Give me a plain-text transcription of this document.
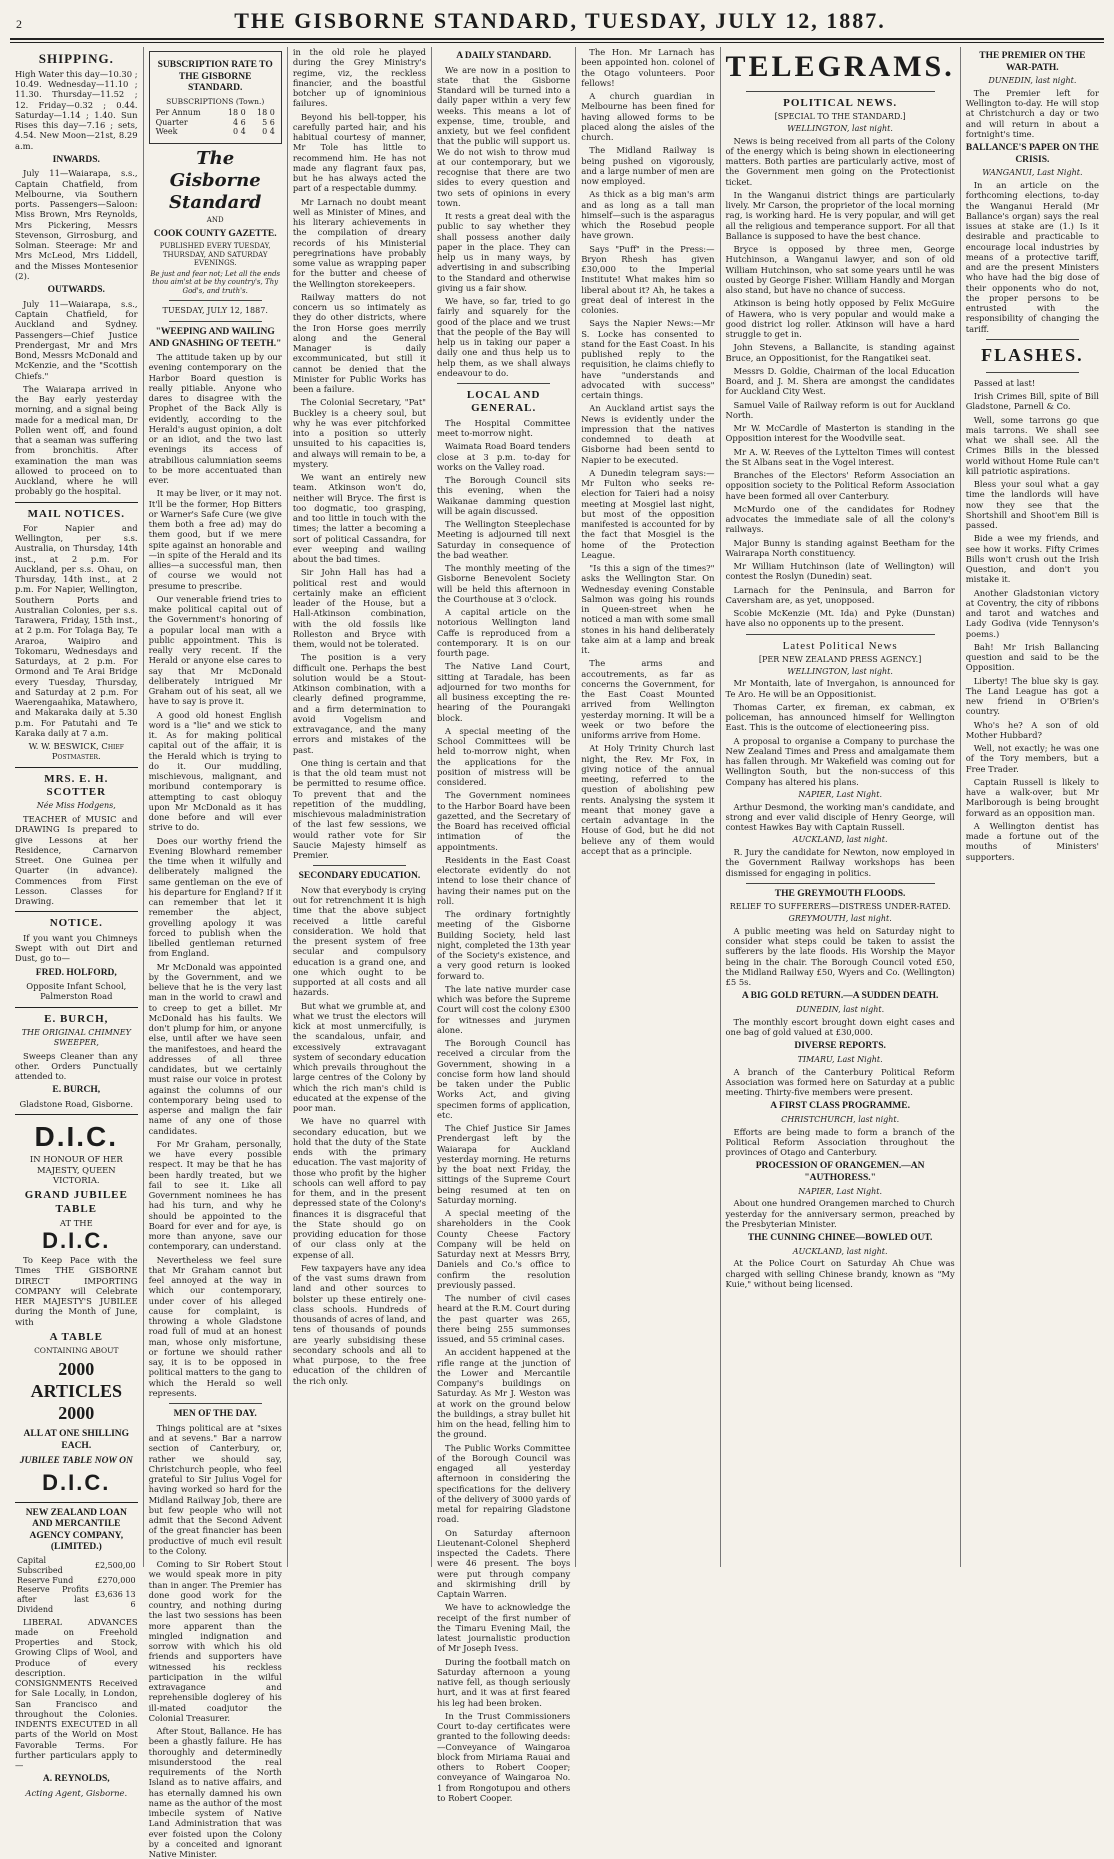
2	THE GISBORNE STANDARD, TUESDAY, JULY 12, 1887.
SHIPPING.

High Water this day—10.30 ; 10.49. Wednesday—11.10 ; 11.30. Thursday—11.52 ; 12. Friday—0.32 ; 0.44. Saturday—1.14 ; 1.40. Sun Rises this day—7.16 ; sets, 4.54. New Moon—21st, 8.29 a.m.

INWARDS.

July 11—Waiarapa, s.s., Captain Chatfield, from Melbourne, via Southern ports. Passengers—Saloon: Miss Brown, Mrs Reynolds, Mrs Pickering, Messrs Stevenson, Girrosburg, and Solman. Steerage: Mr and Mrs McLeod, Mrs Liddell, and the Misses Montesenior (2).

OUTWARDS.

July 11—Waiarapa, s.s., Captain Chatfield, for Auckland and Sydney. Passengers—Chief Justice Prendergast, Mr and Mrs Bond, Messrs McDonald and McKenzie, and the "Scottish Chiefs."

The Waiarapa arrived in the Bay early yesterday morning, and a signal being made for a medical man, Dr Pollen went off, and found that a seaman was suffering from bronchitis. After examination the man was allowed to proceed on to Auckland, where he will probably go the hospital.

MAIL NOTICES.

For Napier and Wellington, per s.s. Australia, on Thursday, 14th inst., at 2 p.m. For Auckland, per s.s. Ohau, on Thursday, 14th inst., at 2 p.m. For Napier, Wellington, Southern Ports and Australian Colonies, per s.s. Tarawera, Friday, 15th inst., at 2 p.m. For Tolaga Bay, Te Araroa, Waipiro and Tokomaru, Wednesdays and Saturdays, at 2 p.m. For Ormond and Te Arai Bridge every Tuesday, Thursday, and Saturday at 2 p.m. For Waerengaahika, Matawhero, and Makaraka daily at 5.30 p.m. For Patutahi and Te Karaka daily at 7 a.m.

W. W. BESWICK, Chief Postmaster.

MRS. E. H. SCOTTER
Née Miss Hodgens,

TEACHER of MUSIC and DRAWING Is prepared to give Lessons at her Residence, Carnarvon Street. One Guinea per Quarter (in advance). Commences from First Lesson. Classes for Drawing.

NOTICE.

If you want you Chimneys Swept with out Dirt and Dust, go to—

FRED. HOLFORD,

Opposite Infant School, Palmerston Road

E. BURCH,
THE ORIGINAL CHIMNEY SWEEPER,

Sweeps Cleaner than any other. Orders Punctually attended to.

E. BURCH,

Gladstone Road, Gisborne.

D.I.C.

IN HONOUR OF HER MAJESTY, QUEEN VICTORIA.

GRAND JUBILEE TABLE
AT THE
D.I.C.

To Keep Pace with the Times THE GISBORNE DIRECT IMPORTING COMPANY will Celebrate HER MAJESTY'S JUBILEE during the Month of June, with

A TABLE
CONTAINING ABOUT
2000 ARTICLES 2000
ALL AT ONE SHILLING EACH.
JUBILEE TABLE NOW ON
D.I.C.
NEW ZEALAND LOAN AND MERCANTILE AGENCY COMPANY, (LIMITED.)
Capital Subscribed	£2,500,00
Reserve Fund	£270,000
Reserve Profits after last Dividend	£3,636 13 6

LIBERAL ADVANCES made on Freehold Properties and Stock, Growing Clips of Wool, and Produce of every description. CONSIGNMENTS Received for Sale Locally, in London, San Francisco and throughout the Colonies. INDENTS EXECUTED in all parts of the World on Most Favorable Terms. For further particulars apply to—

A. REYNOLDS,

Acting Agent, Gisborne.

SUBSCRIPTION RATE TO THE GISBORNE STANDARD.
SUBSCRIPTIONS (Town.)
Per Annum	18 0	18 0
Quarter	4 6	5 6
Week	0 4	0 4
The Gisborne Standard
AND
COOK COUNTY GAZETTE.
PUBLISHED EVERY TUESDAY, THURSDAY, AND SATURDAY EVENINGS.
Be just and fear not; Let all the ends thou aim'st at be thy country's, Thy God's, and truth's.
TUESDAY, JULY 12, 1887.
"WEEPING AND WAILING AND GNASHING OF TEETH."

The attitude taken up by our evening contemporary on the Harbor Board question is really pitiable. Anyone who dares to disagree with the Prophet of the Back Ally is evidently, according to the Herald's august opinion, a dolt or an idiot, and the two last evenings its access of atrabilious calumniation seems to be more accentuated than ever.

It may be liver, or it may not. It'll be the former, Hop Bitters or Warner's Safe Cure (we give them both a free ad) may do them good, but if we mere spite against an honorable and—in spite of the Herald and its allies—a successful man, then of course we would not presume to prescribe.

Our venerable friend tries to make political capital out of the Government's honoring of a popular local man with a public appointment. This is really very recent. If the Herald or anyone else cares to say that Mr McDonald deliberately intrigued Mr Graham out of his seat, all we have to say is prove it.

A good old honest English word is a "lie" and we stick to it. As for making political capital out of the affair, it is the Herald which is trying to do it. Our muddling, mischievous, malignant, and moribund contemporary is attempting to cast obloquy upon Mr McDonald as it has done before and will ever strive to do.

Does our worthy friend the Evening Blowhard remember the time when it wilfully and deliberately maligned the same gentleman on the eve of his departure for England? If it can remember that let it remember the abject, grovelling apology it was forced to publish when the libelled gentleman returned from England.

Mr McDonald was appointed by the Government, and we believe that he is the very last man in the world to crawl and to creep to get a billet. Mr McDonald has his faults. We don't plump for him, or anyone else, until after we have seen the manifestoes, and heard the addresses of all three candidates, but we certainly must raise our voice in protest against the columns of our contemporary being used to asperse and malign the fair name of any one of those candidates.

For Mr Graham, personally, we have every possible respect. It may be that he has been hardly treated, but we fail to see it. Like all Government nominees he has had his turn, and why he should be appointed to the Board for ever and for aye, is more than anyone, save our contemporary, can understand.

Nevertheless we feel sure that Mr Graham cannot but feel annoyed at the way in which our contemporary, under cover of his alleged cause for complaint, is throwing a whole Gladstone road full of mud at an honest man, whose only misfortune, or fortune we should rather say, it is to be opposed in political matters to the gang to which the Herald so well represents.

MEN OF THE DAY.

Things political are at "sixes and at sevens." Bar a narrow section of Canterbury, or, rather we should say, Christchurch people, who feel grateful to Sir Julius Vogel for having worked so hard for the Midland Railway Job, there are but few people who will not admit that the Second Advent of the great financier has been productive of much evil result to the Colony.

Coming to Sir Robert Stout we would speak more in pity than in anger. The Premier has done good work for the country, and nothing during the last two sessions has been more apparent than the mingled indignation and sorrow with which his old friends and supporters have witnessed his reckless participation in the wilful extravagance and reprehensible doglerey of his ill-mated coadjutor the Colonial Treasurer.

After Stout, Ballance. He has been a ghastly failure. He has thoroughly and determinedly misunderstood the real requirements of the North Island as to native affairs, and has eternally damned his own name as the author of the most imbecile system of Native Land Administration that was ever foisted upon the Colony by a conceited and ignorant Native Minister.

in the old role he played during the Grey Ministry's regime, viz, the reckless financier, and the boastful botcher up of ignominious failures.

Beyond his bell-topper, his carefully parted hair, and his habitual courtesy of manner, Mr Tole has little to recommend him. He has not made any flagrant faux pas, but he has always acted the part of a respectable dummy.

Mr Larnach no doubt meant well as Minister of Mines, and his literary achievements in the compilation of dreary records of his Ministerial peregrinations have probably some value as wrapping paper for the butter and cheese of the Wellington storekeepers.

Railway matters do not concern us so intimately as they do other districts, where the Iron Horse goes merrily along and the General Manager is daily excommunicated, but still it cannot be denied that the Minister for Public Works has been a failure.

The Colonial Secretary, "Pat" Buckley is a cheery soul, but why he was ever pitchforked into a position so utterly unsuited to his capacities is, and always will remain to be, a mystery.

We want an entirely new team. Atkinson won't do, neither will Bryce. The first is too dogmatic, too grasping, and too little in touch with the times; the latter a becoming a sort of political Cassandra, for ever weeping and wailing about the bad times.

Sir John Hall has had a political rest and would certainly make an efficient leader of the House, but a Hall-Atkinson combination, with the old fossils like Rolleston and Bryce with them, would not be tolerated.

The position is a very difficult one. Perhaps the best solution would be a Stout-Atkinson combination, with a clearly defined programme, and a firm determination to avoid Vogelism and extravagance, and the many errors and mistakes of the past.

One thing is certain and that is that the old team must not be permitted to resume office. To prevent that and the repetition of the muddling, mischievous maladministration of the last few sessions, we would rather vote for Sir Saucie Majesty himself as Premier.

SECONDARY EDUCATION.

Now that everybody is crying out for retrenchment it is high time that the above subject received a little careful consideration. We hold that the present system of free secular and compulsory education is a grand one, and one which ought to be supported at all costs and all hazards.

But what we grumble at, and what we trust the electors will kick at most unmercifully, is the scandalous, unfair, and excessively extravagant system of secondary education which prevails throughout the large centres of the Colony by which the rich man's child is educated at the expense of the poor man.

We have no quarrel with secondary education, but we hold that the duty of the State ends with the primary education. The vast majority of those who profit by the higher schools can well afford to pay for them, and in the present depressed state of the Colony's finances it is disgraceful that the State should go on providing education for those of our class only at the expense of all.

Few taxpayers have any idea of the vast sums drawn from land and other sources to bolster up these entirely one-class schools. Hundreds of thousands of acres of land, and tens of thousands of pounds are yearly subsidising these secondary schools and all to what purpose, to the free education of the children of the rich only.

A DAILY STANDARD.

We are now in a position to state that the Gisborne Standard will be turned into a daily paper within a very few weeks. This means a lot of expense, time, trouble, and anxiety, but we feel confident that the public will support us. We do not wish to throw mud at our contemporary, but we recognise that there are two sides to every question and two sets of opinions in every town.

It rests a great deal with the public to say whether they shall possess another daily paper in the place. They can help us in many ways, by advertising in and subscribing to the Standard and otherwise giving us a fair show.

We have, so far, tried to go fairly and squarely for the good of the place and we trust that the people of the Bay will help us in taking our paper a daily one and thus help us to help them, as we shall always endeavour to do.

LOCAL AND GENERAL.

The Hospital Committee meet to-morrow night.

Waimata Road Board tenders close at 3 p.m. to-day for works on the Valley road.

The Borough Council sits this evening, when the Waikanae damming question will be again discussed.

The Wellington Steeplechase Meeting is adjourned till next Saturday in consequence of the bad weather.

The monthly meeting of the Gisborne Benevolent Society will be held this afternoon in the Courthouse at 3 o'clock.

A capital article on the notorious Wellington land Caffe is reproduced from a contemporary. It is on our fourth page.

The Native Land Court, sitting at Taradale, has been adjourned for two months for all business excepting the re-hearing of the Pourangaki block.

A special meeting of the School Committees will be held to-morrow night, when the applications for the position of mistress will be considered.

The Government nominees to the Harbor Board have been gazetted, and the Secretary of the Board has received official intimation of the appointments.

Residents in the East Coast electorate evidently do not intend to lose their chance of having their names put on the roll.

The ordinary fortnightly meeting of the Gisborne Building Society, held last night, completed the 13th year of the Society's existence, and a very good return is looked forward to.

The late native murder case which was before the Supreme Court will cost the colony £300 for witnesses and jurymen alone.

The Borough Council has received a circular from the Government, showing in a concise form how land should be taken under the Public Works Act, and giving specimen forms of application, etc.

The Chief Justice Sir James Prendergast left by the Waiarapa for Auckland yesterday morning. He returns by the boat next Friday, the sittings of the Supreme Court being resumed at ten on Saturday morning.

A special meeting of the shareholders in the Cook County Cheese Factory Company will be held on Saturday next at Messrs Brry, Daniels and Co.'s office to confirm the resolution previously passed.

The number of civil cases heard at the R.M. Court during the past quarter was 265, there being 255 summonses issued, and 55 criminal cases.

An accident happened at the rifle range at the junction of the Lower and Mercantile Company's buildings on Saturday. As Mr J. Weston was at work on the ground below the buildings, a stray bullet hit him on the head, felling him to the ground.

The Public Works Committee of the Borough Council was engaged all yesterday afternoon in considering the specifications for the delivery of the delivery of 3000 yards of metal for repairing Gladstone road.

On Saturday afternoon Lieutenant-Colonel Shepherd inspected the Cadets. There were 46 present. The boys were put through company and skirmishing drill by Captain Warren.

We have to acknowledge the receipt of the first number of the Timaru Evening Mail, the latest journalistic production of Mr Joseph Ivess.

During the football match on Saturday afternoon a young native fell, as though seriously hurt, and it was at first feared his leg had been broken.

In the Trust Commissioners Court to-day certificates were granted to the following deeds:—Conveyance of Waingaroa block from Miriama Rauai and others to Robert Cooper; conveyance of Waingaroa No. 1 from Rongotupou and others to Robert Cooper.

The Hon. Mr Larnach has been appointed hon. colonel of the Otago volunteers. Poor fellows!

A church guardian in Melbourne has been fined for having allowed forms to be placed along the aisles of the church.

The Midland Railway is being pushed on vigorously, and a large number of men are now employed.

As thick as a big man's arm and as long as a tall man himself—such is the asparagus which the Rosebud people have grown.

Says "Puff" in the Press:—Bryon Rhesh has given £30,000 to the Imperial Institute! What makes him so liberal about it? Ah, he takes a great deal of interest in the colonies.

Says the Napier News:—Mr S. Locke has consented to stand for the East Coast. In his published reply to the requisition, he claims chiefly to have "understands and advocated with success" certain things.

An Auckland artist says the News is evidently under the impression that the natives condemned to death at Gisborne had been sentd to Napier to be executed.

A Dunedin telegram says:—Mr Fulton who seeks re-election for Taieri had a noisy meeting at Mosgiel last night, but most of the opposition manifested is accounted for by the fact that Mosgiel is the home of the Protection League.

"Is this a sign of the times?" asks the Wellington Star. On Wednesday evening Constable Salmon was going his rounds in Queen-street when he noticed a man with some small stones in his hand deliberately take aim at a lamp and break it.

The arms and accoutrements, as far as concerns the Government, for the East Coast Mounted arrived from Wellington yesterday morning. It will be a week or two before the uniforms arrive from Home.

At Holy Trinity Church last night, the Rev. Mr Fox, in giving notice of the annual meeting, referred to the question of abolishing pew rents. Analysing the system it meant that money gave a certain advantage in the House of God, but he did not believe any of them would accept that as a principle.

TELEGRAMS.
POLITICAL NEWS.
[SPECIAL TO THE STANDARD.]
WELLINGTON, last night.

News is being received from all parts of the Colony of the energy which is being shown in electioneering matters. Both parties are particularly active, most of the Government men going on the Protectionist ticket.

In the Wanganui district things are particularly lively. Mr Carson, the proprietor of the local morning rag, is working hard. He is very popular, and will get all the religious and temperance support. For all that Ballance is supposed to have the best chance.

Bryce is opposed by three men, George Hutchinson, a Wanganui lawyer, and son of old William Hutchinson, who sat some years until he was ousted by George Fisher. William Handly and Morgan also stand, but have no chance of success.

Atkinson is being hotly opposed by Felix McGuire of Hawera, who is very popular and would make a good district log roller. Atkinson will have a hard struggle to get in.

John Stevens, a Ballancite, is standing against Bruce, an Oppositionist, for the Rangatikei seat.

Messrs D. Goldie, Chairman of the local Education Board, and J. M. Shera are amongst the candidates for Auckland City West.

Samuel Vaile of Railway reform is out for Auckland North.

Mr W. McCardle of Masterton is standing in the Opposition interest for the Woodville seat.

Mr A. W. Reeves of the Lyttelton Times will contest the St Albans seat in the Vogel interest.

Branches of the Electors' Reform Association an opposition society to the Political Reform Association have been formed all over Canterbury.

McMurdo one of the candidates for Rodney advocates the immediate sale of all the colony's railways.

Major Bunny is standing against Beetham for the Wairarapa North constituency.

Mr William Hutchinson (late of Wellington) will contest the Roslyn (Dunedin) seat.

Larnach for the Peninsula, and Barron for Caversham are, as yet, unopposed.

Scobie McKenzie (Mt. Ida) and Pyke (Dunstan) have also no opponents up to the present.

Latest Political News
[PER NEW ZEALAND PRESS AGENCY.]
WELLINGTON, last night.

Mr Montaith, late of Invergahon, is announced for Te Aro. He will be an Oppositionist.

Thomas Carter, ex fireman, ex cabman, ex policeman, has announced himself for Wellington East. This is the outcome of electioneering piss.

A proposal to organise a Company to purchase the New Zealand Times and Press and amalgamate them has fallen through. Mr Wakefield was coming out for Wellington South, but the non-success of this Company has altered his plans.

NAPIER, Last Night.

Arthur Desmond, the working man's candidate, and strong and ever valid disciple of Henry George, will contest Hawkes Bay with Captain Russell.

AUCKLAND, last night.

R. Jury the candidate for Newton, now employed in the Government Railway workshops has been dismissed for engaging in politics.

THE GREYMOUTH FLOODS.
RELIEF TO SUFFERERS—DISTRESS UNDER-RATED.
GREYMOUTH, last night.

A public meeting was held on Saturday night to consider what steps could be taken to assist the sufferers by the late floods. His Worship the Mayor being in the chair. The Borough Council voted £50, the Midland Railway £50, Wyers and Co. (Wellington) £5 5s.

A BIG GOLD RETURN.—A SUDDEN DEATH.
DUNEDIN, last night.

The monthly escort brought down eight cases and one bag of gold valued at £30,000.

DIVERSE REPORTS.
TIMARU, Last Night.

A branch of the Canterbury Political Reform Association was formed here on Saturday at a public meeting. Thirty-five members were present.

A FIRST CLASS PROGRAMME.
CHRISTCHURCH, last night.

Efforts are being made to form a branch of the Political Reform Association throughout the provinces of Otago and Canterbury.

PROCESSION OF ORANGEMEN.—AN "AUTHORESS."
NAPIER, Last Night.

About one hundred Orangemen marched to Church yesterday for the anniversary sermon, preached by the Presbyterian Minister.

THE CUNNING CHINEE—BOWLED OUT.
AUCKLAND, last night.

At the Police Court on Saturday Ah Chue was charged with selling Chinese brandy, known as "My Kuie," without being licensed.

THE PREMIER ON THE WAR-PATH.
DUNEDIN, last night.

The Premier left for Wellington to-day. He will stop at Christchurch a day or two and will return in about a fortnight's time.

BALLANCE'S PAPER ON THE CRISIS.
WANGANUI, Last Night.

In an article on the forthcoming elections, to-day the Wanganui Herald (Mr Ballance's organ) says the real issues at stake are (1.) Is it desirable and practicable to encourage local industries by means of a protective tariff, and are the present Ministers who have had the big dose of their opponents who do not, the proper persons to be entrusted with the responsibility of changing the tariff.

FLASHES.

Passed at last!

Irish Crimes Bill, spite of Bill Gladstone, Parnell & Co.

Well, some tarrons go que mais tarrons. We shall see what we shall see. All the Crimes Bills in the blessed world without Home Rule can't kill patriotic aspirations.

Bless your soul what a gay time the landlords will have now they see that the Shortshill and Shoot'em Bill is passed.

Bide a wee my friends, and see how it works. Fifty Crimes Bills won't crush out the Irish Question, and don't you mistake it.

Another Gladstonian victory at Coventry, the city of ribbons and tarot and watches and Lady Godiva (vide Tennyson's poems.)

Bah! Mr Irish Ballancing question and said to be the Opposition.

Liberty! The blue sky is gay. The Land League has got a new friend in O'Brien's country.

Who's he? A son of old Mother Hubbard?

Well, not exactly; he was one of the Tory members, but a Free Trader.

Captain Russell is likely to have a walk-over, but Mr Marlborough is being brought forward as an opposition man.

A Wellington dentist has made a fortune out of the mouths of Ministers' supporters.
